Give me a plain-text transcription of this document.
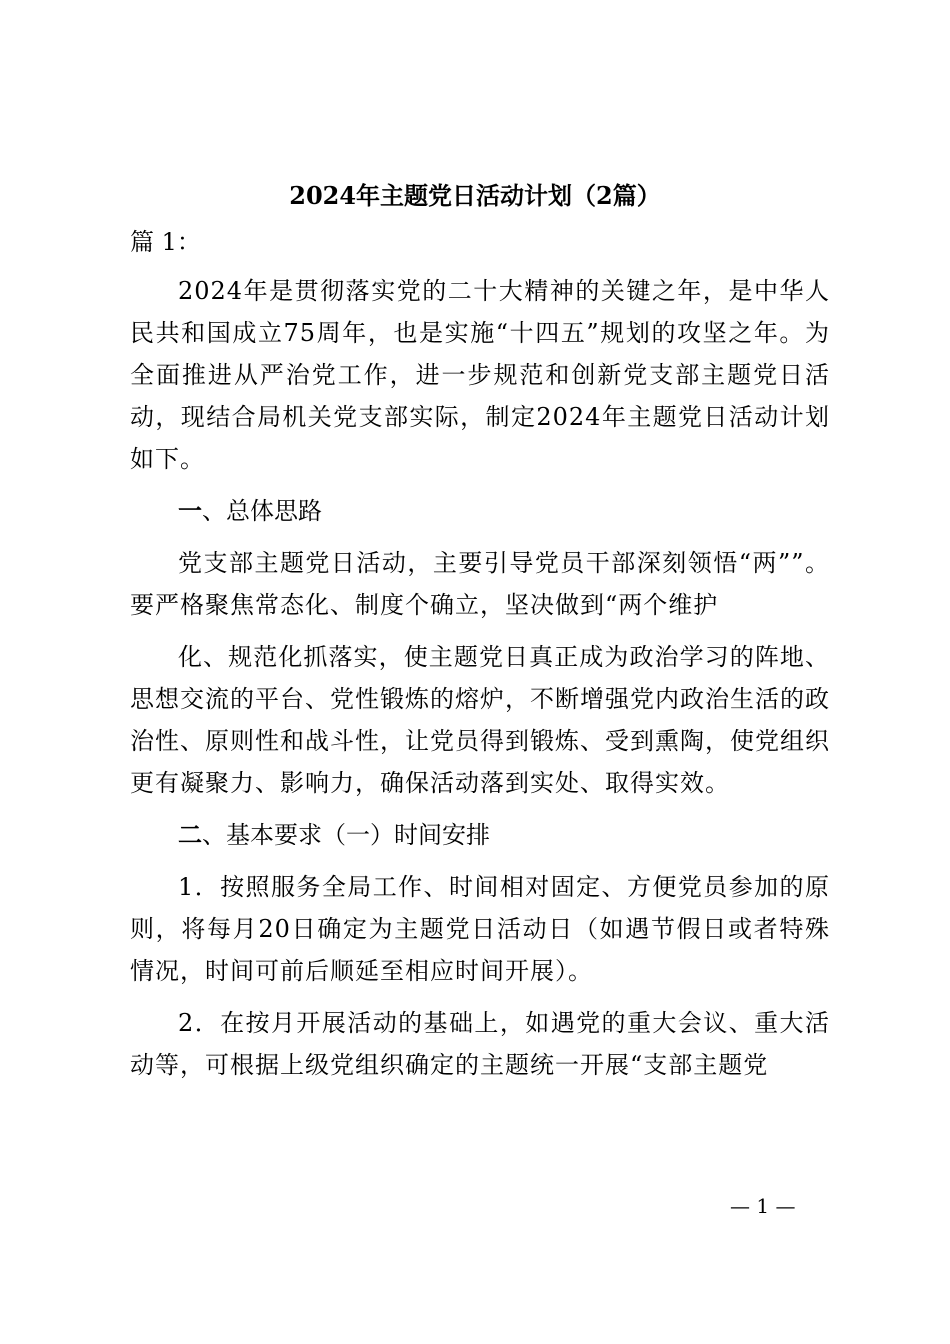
2024年主题党日活动计划（2篇）
篇 1：

2024年是贯彻落实党的二十大精神的关键之年，是中华人民共和国成立75周年，也是实施“十四五”规划的攻坚之年。为全面推进从严治党工作，进一步规范和创新党支部主题党日活动，现结合局机关党支部实际，制定2024年主题党日活动计划如下。

一、总体思路

党支部主题党日活动，主要引导党员干部深刻领悟“两””。要严格聚焦常态化、制度个确立，坚决做到“两个维护

化、规范化抓落实，使主题党日真正成为政治学习的阵地、思想交流的平台、党性锻炼的熔炉，不断增强党内政治生活的政治性、原则性和战斗性，让党员得到锻炼、受到熏陶，使党组织更有凝聚力、影响力，确保活动落到实处、取得实效。

二、基本要求（一）时间安排

1．按照服务全局工作、时间相对固定、方便党员参加的原则，将每月20日确定为主题党日活动日（如遇节假日或者特殊情况，时间可前后顺延至相应时间开展）。

2．在按月开展活动的基础上，如遇党的重大会议、重大活动等，可根据上级党组织确定的主题统一开展“支部主题党

— 1 —
